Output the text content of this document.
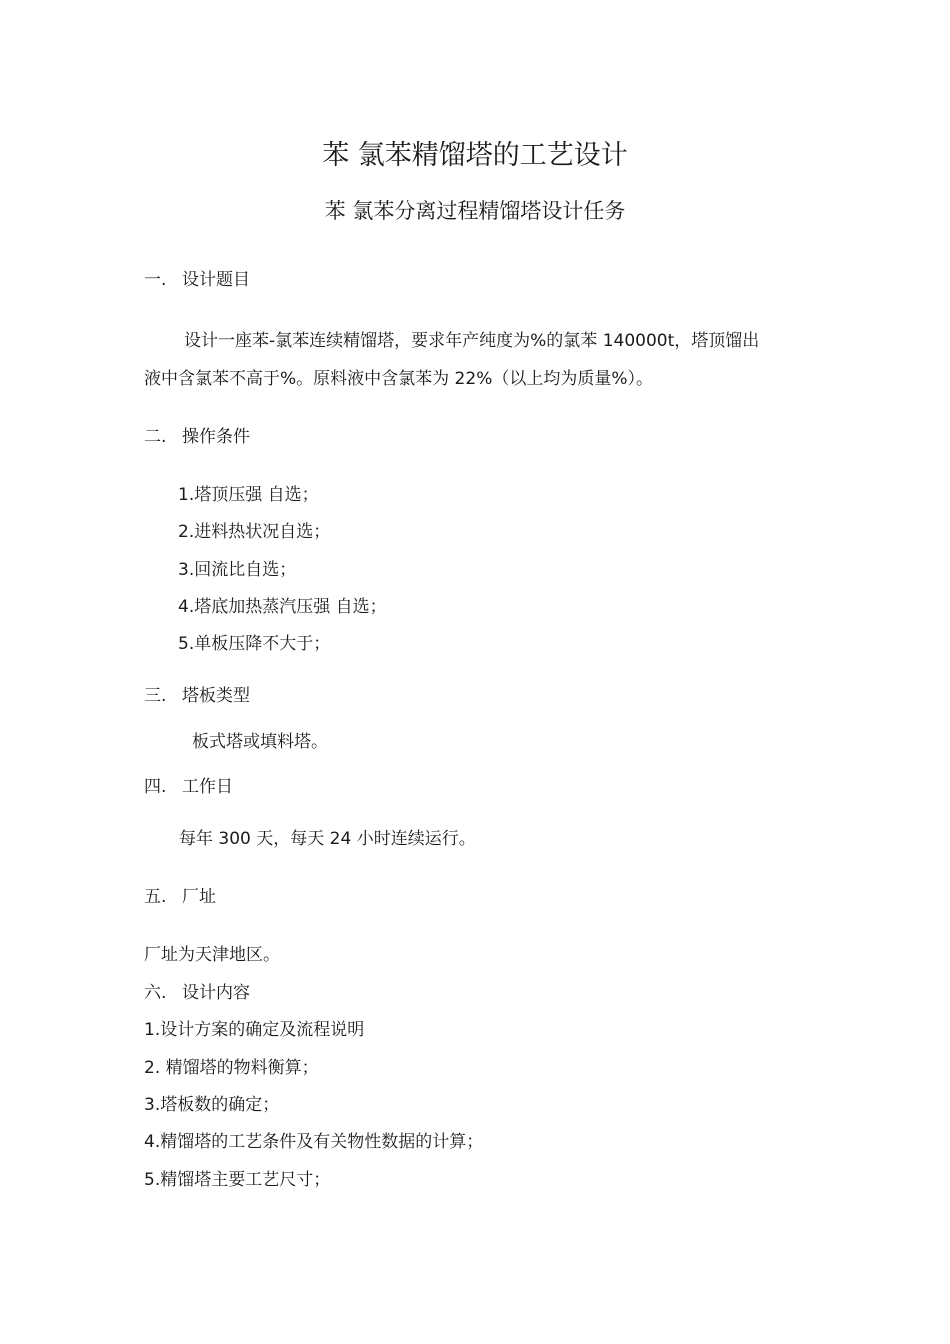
苯 氯苯精馏塔的工艺设计
苯 氯苯分离过程精馏塔设计任务
一. 设计题目
设计一座苯-氯苯连续精馏塔，要求年产纯度为%的氯苯 140000t，塔顶馏出
液中含氯苯不高于%。原料液中含氯苯为 22%（以上均为质量%）。
二. 操作条件
1.塔顶压强 自选；
2.进料热状况自选；
3.回流比自选；
4.塔底加热蒸汽压强 自选；
5.单板压降不大于；
三. 塔板类型
板式塔或填料塔。
四. 工作日
每年 300 天，每天 24 小时连续运行。
五. 厂址
厂址为天津地区。
六. 设计内容
1.设计方案的确定及流程说明
2. 精馏塔的物料衡算；
3.塔板数的确定；
4.精馏塔的工艺条件及有关物性数据的计算；
5.精馏塔主要工艺尺寸；
